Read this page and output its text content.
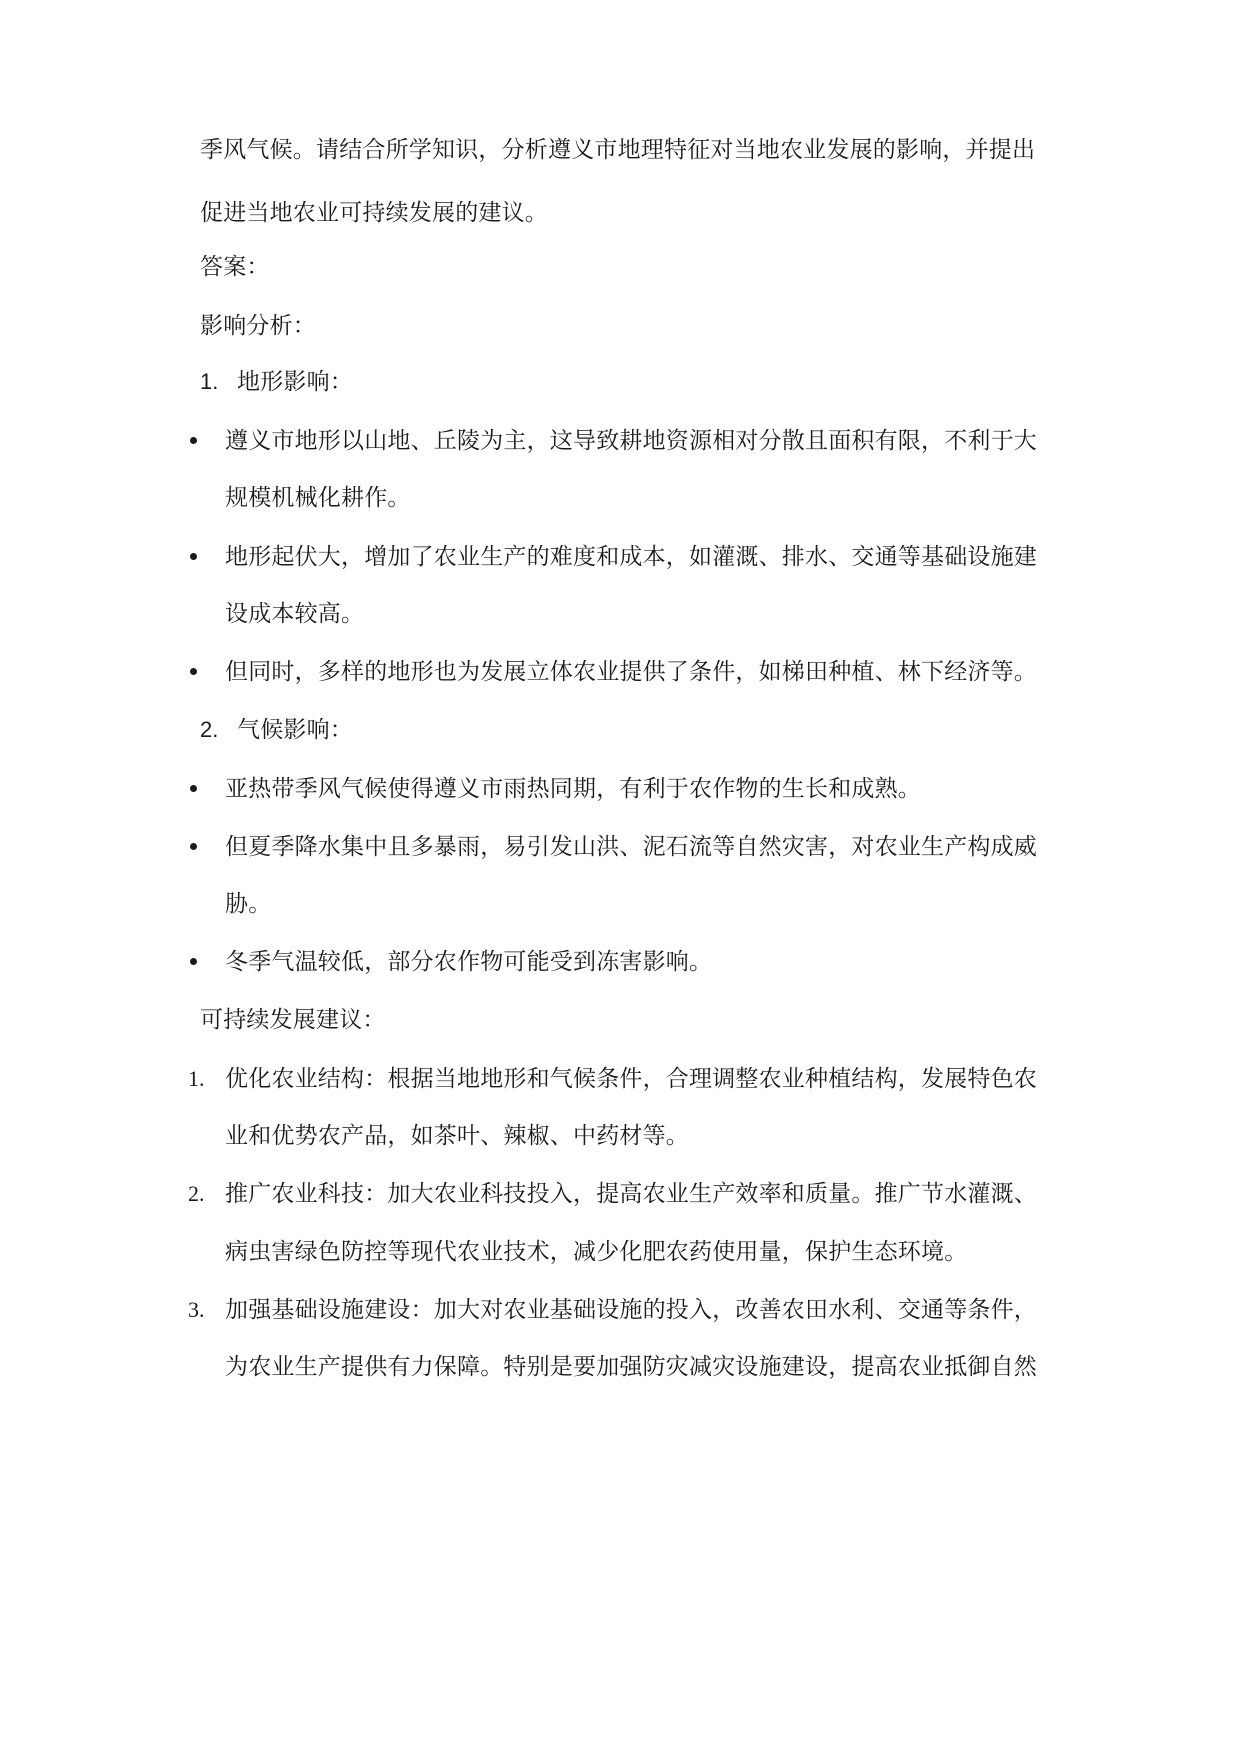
季风气候。请结合所学知识，分析遵义市地理特征对当地农业发展的影响，并提出
促进当地农业可持续发展的建议。
答案：
影响分析：
1. 地形影响：
遵义市地形以山地、丘陵为主，这导致耕地资源相对分散且面积有限，不利于大
规模机械化耕作。
地形起伏大，增加了农业生产的难度和成本，如灌溉、排水、交通等基础设施建
设成本较高。
但同时，多样的地形也为发展立体农业提供了条件，如梯田种植、林下经济等。
2. 气候影响：
亚热带季风气候使得遵义市雨热同期，有利于农作物的生长和成熟。
但夏季降水集中且多暴雨，易引发山洪、泥石流等自然灾害，对农业生产构成威
胁。
冬季气温较低，部分农作物可能受到冻害影响。
可持续发展建议：
1. 优化农业结构：根据当地地形和气候条件，合理调整农业种植结构，发展特色农
业和优势农产品，如茶叶、辣椒、中药材等。
2. 推广农业科技：加大农业科技投入，提高农业生产效率和质量。推广节水灌溉、
病虫害绿色防控等现代农业技术，减少化肥农药使用量，保护生态环境。
3. 加强基础设施建设：加大对农业基础设施的投入，改善农田水利、交通等条件，
为农业生产提供有力保障。特别是要加强防灾减灾设施建设，提高农业抵御自然
